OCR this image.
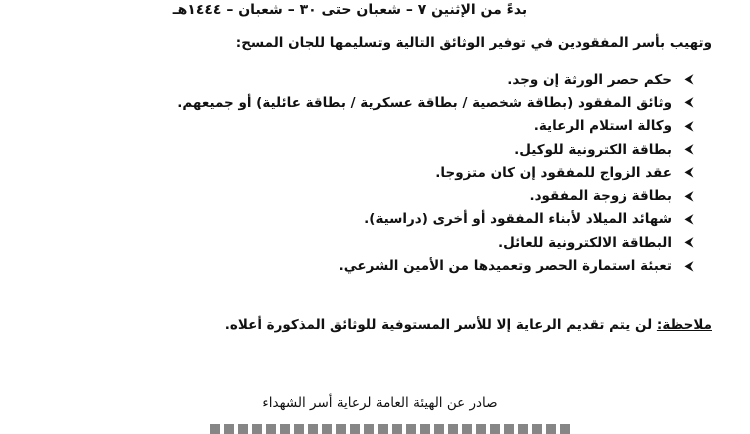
بدءً من الإثنين ٧ – شعبان حتى ٣٠ – شعبان – ١٤٤٤هـ
وتهيب بأسر المفقودين في توفير الوثائق التالية وتسليمها للجان المسح:
⮜
حكم حصر الورثة إن وجد.
⮜
وثائق المفقود (بطاقة شخصية / بطاقة عسكرية / بطاقة عائلية) أو جميعهم.
⮜
وكالة استلام الرعاية.
⮜
بطاقة الكترونية للوكيل.
⮜
عقد الزواج للمفقود إن كان متزوجا.
⮜
بطاقة زوجة المفقود.
⮜
شهائد الميلاد لأبناء المفقود أو أخرى (دراسية).
⮜
البطاقة الالكترونية للعائل.
⮜
تعبئة استمارة الحصر وتعميدها من الأمين الشرعي.
ملاحظة: لن يتم تقديم الرعاية إلا للأسر المستوفية للوثائق المذكورة أعلاه.
صادر عن الهيئة العامة لرعاية أسر الشهداء
